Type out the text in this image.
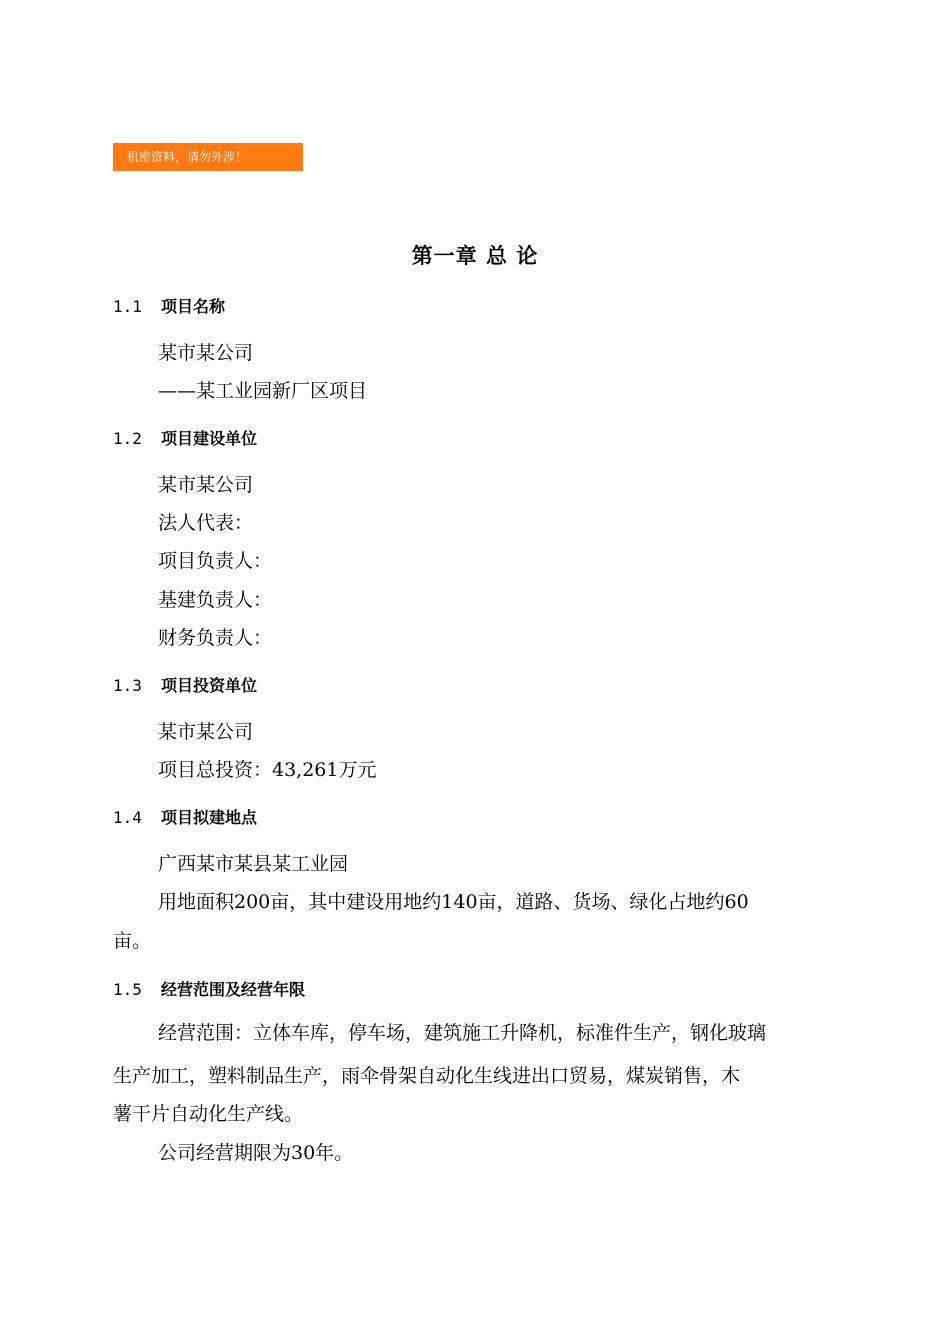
机密资料，请勿外涉！
第一章 总 论
1.1 项目名称
某市某公司
——某工业园新厂区项目
1.2 项目建设单位
某市某公司
法人代表：
项目负责人：
基建负责人：
财务负责人：
1.3 项目投资单位
某市某公司
项目总投资：43,261万元
1.4 项目拟建地点
广西某市某县某工业园
用地面积200亩，其中建设用地约140亩，道路、货场、绿化占地约60
亩。
1.5 经营范围及经营年限
经营范围：立体车库，停车场，建筑施工升降机，标准件生产，钢化玻璃
生产加工，塑料制品生产，雨伞骨架自动化生线进出口贸易，煤炭销售，木
薯干片自动化生产线。
公司经营期限为30年。
